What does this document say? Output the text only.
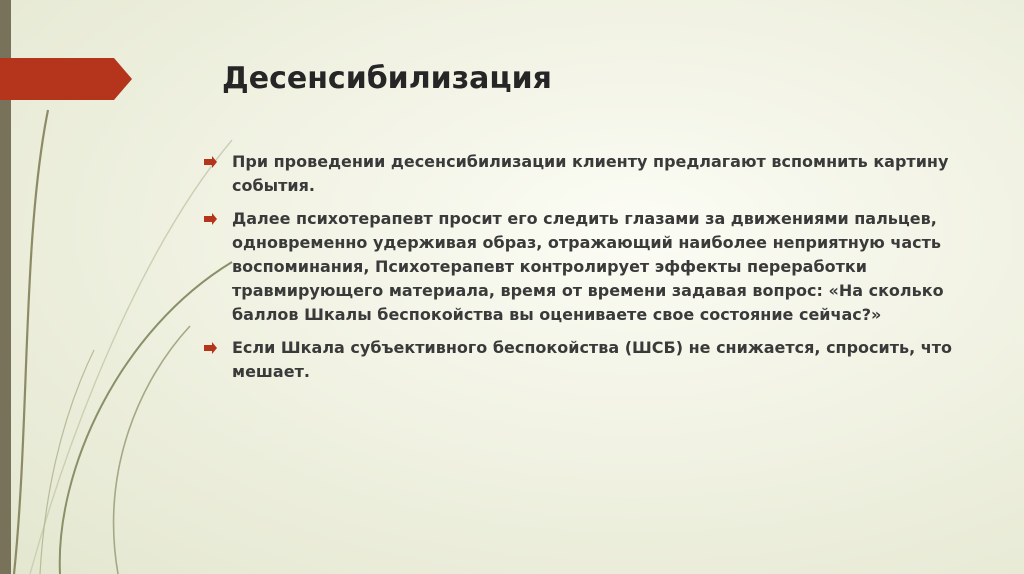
Десенсибилизация
При проведении десенсибилизации клиенту предлагают вспомнить картину события.
Далее психотерапевт просит его следить глазами за движениями пальцев, одновременно удерживая образ, отражающий наиболее неприятную часть воспоминания, Психотерапевт контролирует эффекты переработки травмирующего материала, время от времени задавая вопрос: «На сколько баллов Шкалы беспокойства вы оцениваете свое состояние сейчас?»
Если Шкала субъективного беспокойства (ШСБ) не снижается, спросить, что мешает.
